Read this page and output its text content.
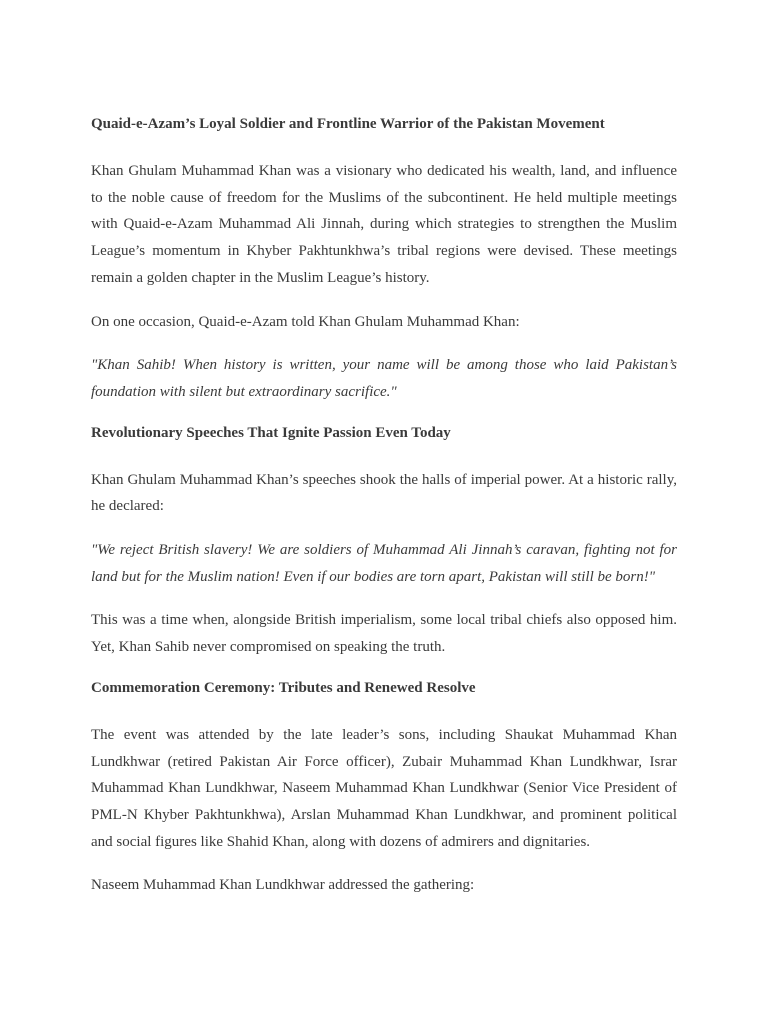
Quaid-e-Azam’s Loyal Soldier and Frontline Warrior of the Pakistan Movement
Khan Ghulam Muhammad Khan was a visionary who dedicated his wealth, land, and influence to the noble cause of freedom for the Muslims of the subcontinent. He held multiple meetings with Quaid-e-Azam Muhammad Ali Jinnah, during which strategies to strengthen the Muslim League’s momentum in Khyber Pakhtunkhwa’s tribal regions were devised. These meetings remain a golden chapter in the Muslim League’s history.
On one occasion, Quaid-e-Azam told Khan Ghulam Muhammad Khan:
"Khan Sahib! When history is written, your name will be among those who laid Pakistan’s foundation with silent but extraordinary sacrifice."
Revolutionary Speeches That Ignite Passion Even Today
Khan Ghulam Muhammad Khan’s speeches shook the halls of imperial power. At a historic rally, he declared:
"We reject British slavery! We are soldiers of Muhammad Ali Jinnah’s caravan, fighting not for land but for the Muslim nation! Even if our bodies are torn apart, Pakistan will still be born!"
This was a time when, alongside British imperialism, some local tribal chiefs also opposed him. Yet, Khan Sahib never compromised on speaking the truth.
Commemoration Ceremony: Tributes and Renewed Resolve
The event was attended by the late leader’s sons, including Shaukat Muhammad Khan Lundkhwar (retired Pakistan Air Force officer), Zubair Muhammad Khan Lundkhwar, Israr Muhammad Khan Lundkhwar, Naseem Muhammad Khan Lundkhwar (Senior Vice President of PML-N Khyber Pakhtunkhwa), Arslan Muhammad Khan Lundkhwar, and prominent political and social figures like Shahid Khan, along with dozens of admirers and dignitaries.
Naseem Muhammad Khan Lundkhwar addressed the gathering:
